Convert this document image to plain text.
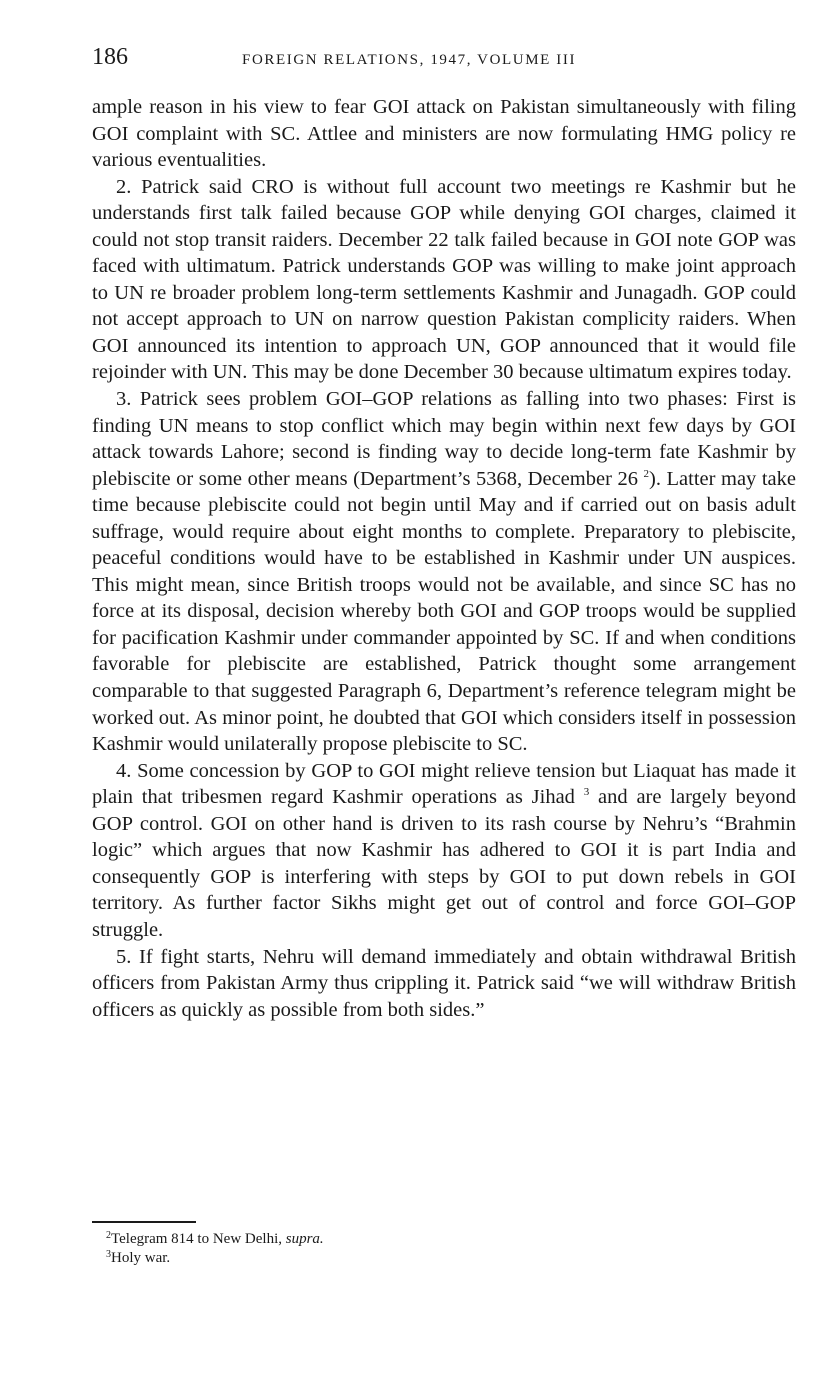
186	FOREIGN RELATIONS, 1947, VOLUME III

ample reason in his view to fear GOI attack on Pakistan simultaneously with filing GOI complaint with SC. Attlee and ministers are now formulating HMG policy re various eventualities.

2. Patrick said CRO is without full account two meetings re Kashmir but he understands first talk failed because GOP while denying GOI charges, claimed it could not stop transit raiders. December 22 talk failed because in GOI note GOP was faced with ultimatum. Patrick understands GOP was willing to make joint approach to UN re broader problem long-term settlements Kashmir and Junagadh. GOP could not accept approach to UN on narrow question Pakistan complicity raiders. When GOI announced its intention to approach UN, GOP announced that it would file rejoinder with UN. This may be done December 30 because ultimatum expires today.

3. Patrick sees problem GOI–GOP relations as falling into two phases: First is finding UN means to stop conflict which may begin within next few days by GOI attack towards Lahore; second is finding way to decide long-term fate Kashmir by plebiscite or some other means (Department’s 5368, December 26 $^2$). Latter may take time because plebiscite could not begin until May and if carried out on basis adult suffrage, would require about eight months to complete. Preparatory to plebiscite, peaceful conditions would have to be established in Kashmir under UN auspices. This might mean, since British troops would not be available, and since SC has no force at its disposal, decision whereby both GOI and GOP troops would be supplied for pacification Kashmir under commander appointed by SC. If and when conditions favorable for plebiscite are established, Patrick thought some arrangement comparable to that suggested Paragraph 6, Department’s reference telegram might be worked out. As minor point, he doubted that GOI which considers itself in possession Kashmir would unilaterally propose plebiscite to SC.

4. Some concession by GOP to GOI might relieve tension but Liaquat has made it plain that tribesmen regard Kashmir operations as Jihad $^3$ and are largely beyond GOP control. GOI on other hand is driven to its rash course by Nehru’s “Brahmin logic” which argues that now Kashmir has adhered to GOI it is part India and consequently GOP is interfering with steps by GOI to put down rebels in GOI territory. As further factor Sikhs might get out of control and force GOI–GOP struggle.

5. If fight starts, Nehru will demand immediately and obtain withdrawal British officers from Pakistan Army thus crippling it. Patrick said “we will withdraw British officers as quickly as possible from both sides.”

$^2$Telegram 814 to New Delhi, supra.

$^3$Holy war.
